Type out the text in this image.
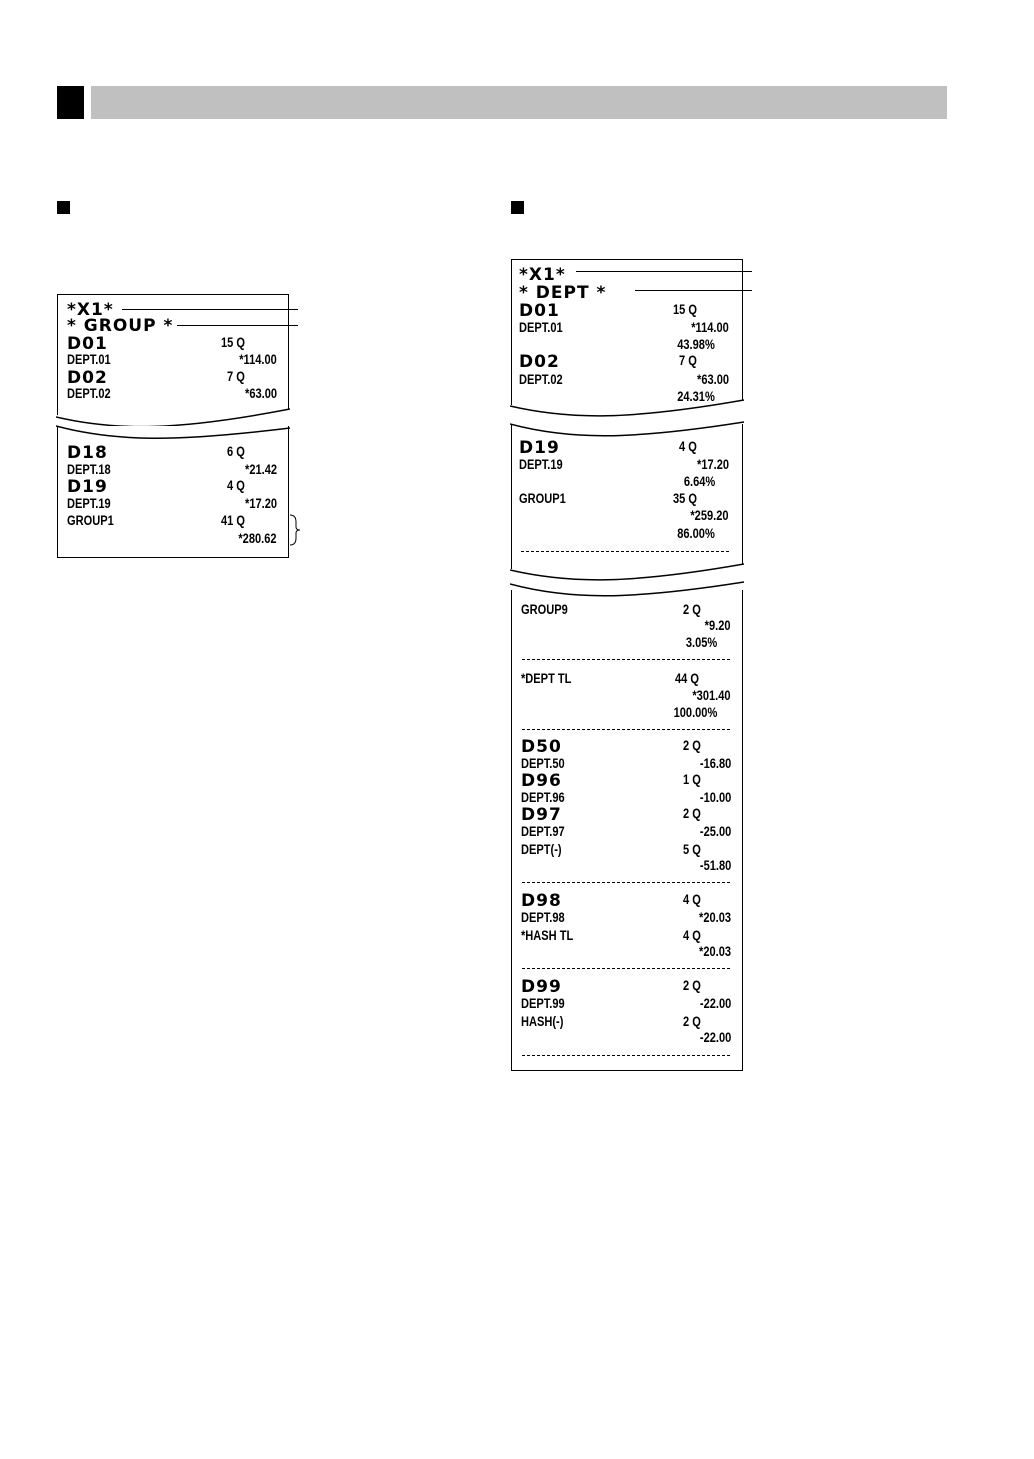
*X1*
* GROUP *
D01	15 Q
DEPT.01	*114.00
D02	7 Q
DEPT.02	*63.00
D18	6 Q
DEPT.18	*21.42
D19	4 Q
DEPT.19	*17.20
GROUP1	41 Q
*280.62
*X1*
* DEPT *
D01	15 Q
DEPT.01	*114.00
43.98%
D02	7 Q
DEPT.02	*63.00
24.31%
D19	4 Q
DEPT.19	*17.20
6.64%
GROUP1	35 Q
*259.20
86.00%
GROUP9	2 Q
*9.20
3.05%
*DEPT TL	44 Q
*301.40
100.00%
D50	2 Q
DEPT.50	-16.80
D96	1 Q
DEPT.96	-10.00
D97	2 Q
DEPT.97	-25.00
DEPT(-)	5 Q
-51.80
D98	4 Q
DEPT.98	*20.03
*HASH TL	4 Q
*20.03
D99	2 Q
DEPT.99	-22.00
HASH(-)	2 Q
-22.00
